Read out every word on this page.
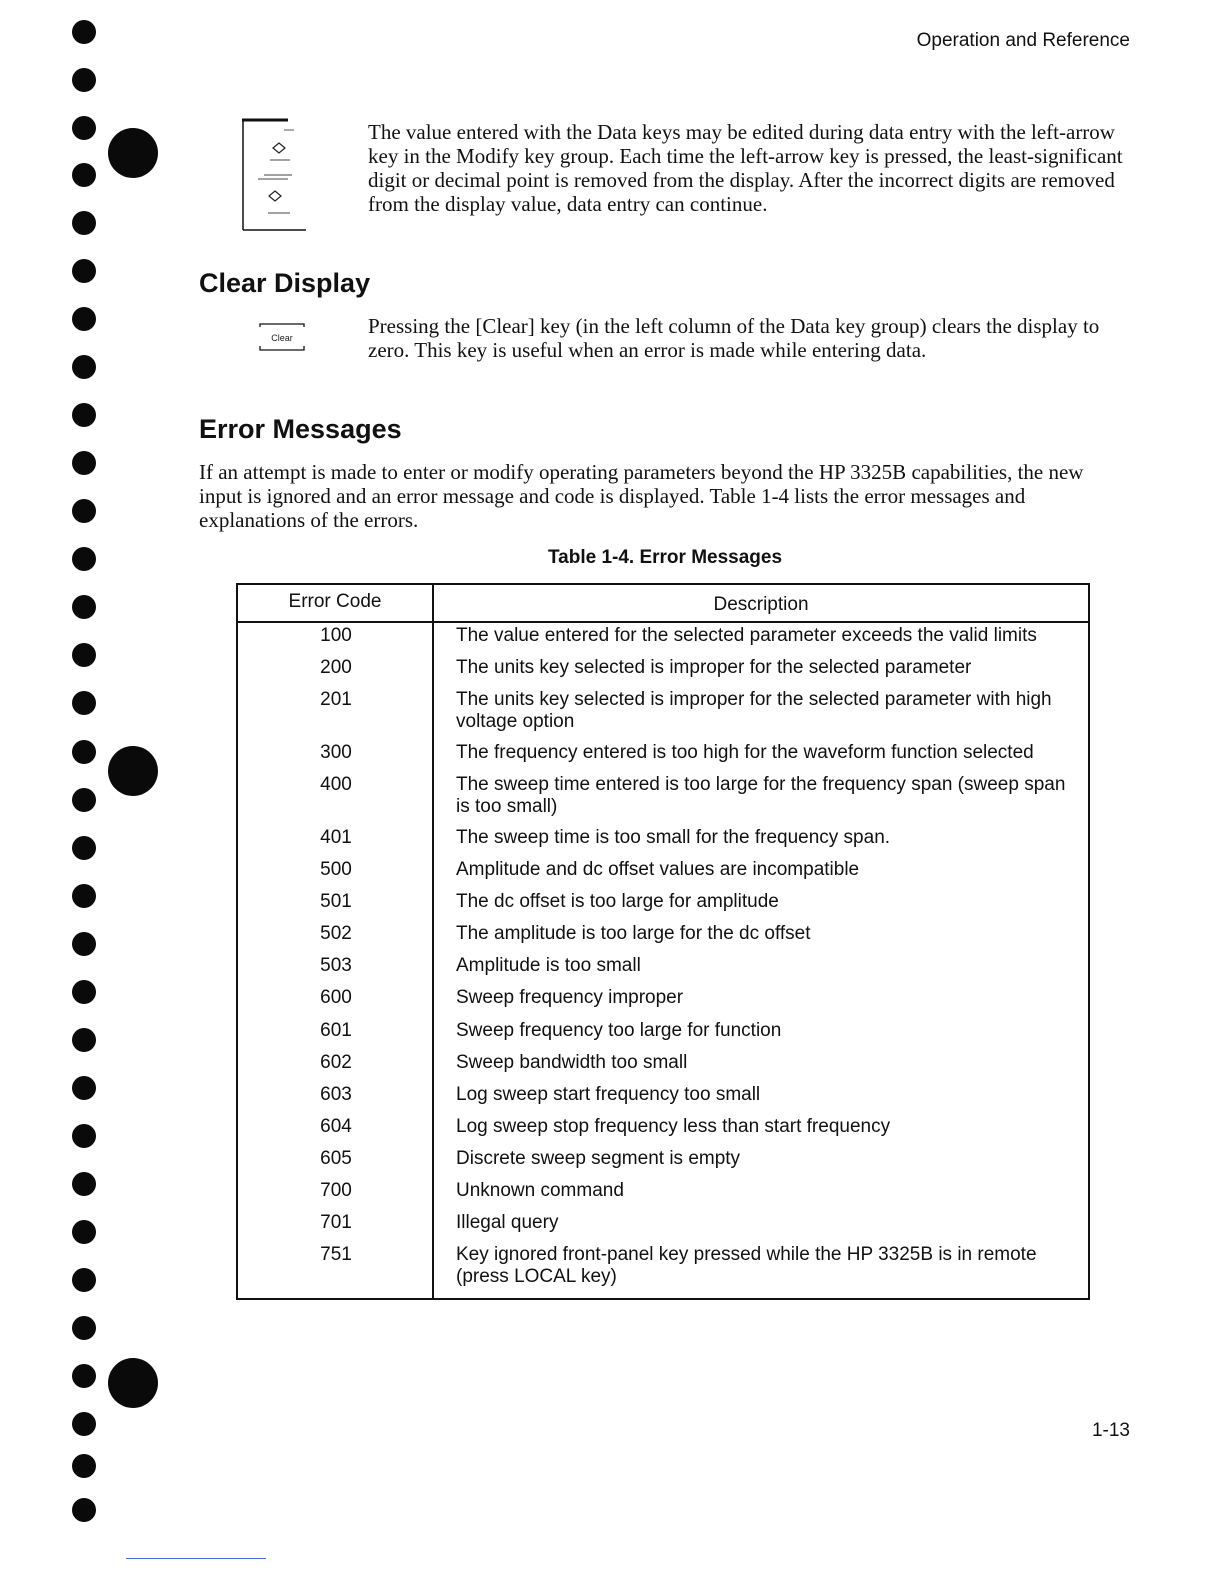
Operation and Reference

The value entered with the Data keys may be edited during data entry with the left-arrow key in the Modify key group. Each time the left-arrow key is pressed, the least-significant digit or decimal point is removed from the display. After the incorrect digits are removed from the display value, data entry can continue.

Clear Display
Clear	Pressing the [Clear] key (in the left column of the Data key group) clears the display to zero. This key is useful when an error is made while entering data.

Error Messages

If an attempt is made to enter or modify operating parameters beyond the HP 3325B capabilities, the new input is ignored and an error message and code is displayed. Table 1-4 lists the error messages and explanations of the errors.

Table 1-4. Error Messages
Error Code	Description
100	The value entered for the selected parameter exceeds the valid limits
200	The units key selected is improper for the selected parameter
201	The units key selected is improper for the selected parameter with high voltage option
300	The frequency entered is too high for the waveform function selected
400	The sweep time entered is too large for the frequency span (sweep span is too small)
401	The sweep time is too small for the frequency span.
500	Amplitude and dc offset values are incompatible
501	The dc offset is too large for amplitude
502	The amplitude is too large for the dc offset
503	Amplitude is too small
600	Sweep frequency improper
601	Sweep frequency too large for function
602	Sweep bandwidth too small
603	Log sweep start frequency too small
604	Log sweep stop frequency less than start frequency
605	Discrete sweep segment is empty
700	Unknown command
701	Illegal query
751	Key ignored front-panel key pressed while the HP 3325B is in remote (press LOCAL key)
1-13
